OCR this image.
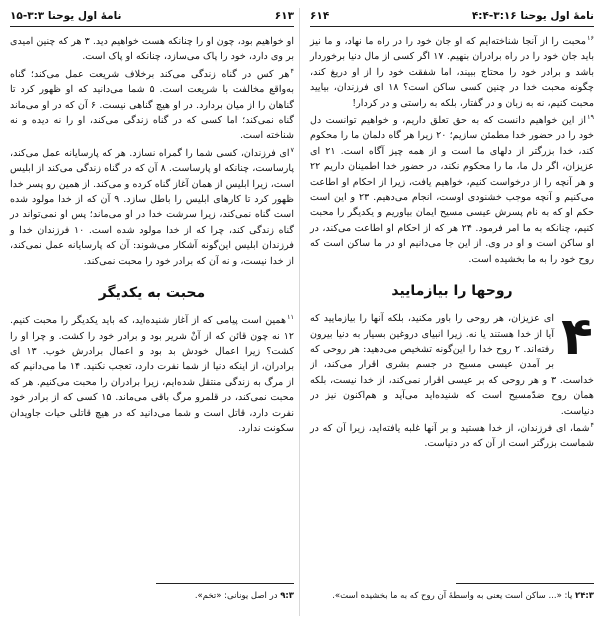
نامهٔ اول یوحنا ۳:۱۶-۴:۴
۶۱۴

$^{۱۶}$محبت را از آنجا شناخته‌ایم که او جان خود را در راه ما نهاد، و ما نیز باید جان خود را در راه برادران بنهیم. ۱۷ اگر کسی از مال دنیا برخوردار باشد و برادر خود را محتاج ببیند، اما شفقت خود را از او دریغ کند، چگونه محبت خدا در چنین کسی ساکن است؟ ۱۸ ای فرزندان، بیایید محبت کنیم، نه به زبان و در گفتار، بلکه به راستی و در کردار!

$^{۱۹}$از این خواهیم دانست که به حق تعلق داریم، و خواهیم توانست دل خود را در حضور خدا مطمئن سازیم؛ ۲۰ زیرا هر گاه دلمان ما را محکوم کند، خدا بزرگتر از دلهای ما است و از همه چیز آگاه است. ۲۱ ای عزیزان، اگر دل ما، ما را محکوم نکند، در حضور خدا اطمینان داریم ۲۲ و هر آنچه را از درخواست کنیم، خواهیم یافت، زیرا از احکام او اطاعت می‌کنیم و آنچه موجب خشنودی اوست، انجام می‌دهیم. ۲۳ و این است حکم او که به نام پسرش عیسی مسیح ایمان بیاوریم و یکدیگر را محبت کنیم، چنانکه به ما امر فرمود. ۲۴ هر که از احکام او اطاعت می‌کند، در او ساکن است و او در وی. از این جا می‌دانیم او در ما ساکن است که روح خود را به ما بخشیده است.

روحها را بیازمایید
۴

ای عزیزان، هر روحی را باور مکنید، بلکه آنها را بیازمایید که آیا از خدا هستند یا نه. زیرا انبیای دروغین بسیار به دنیا بیرون رفته‌اند. ۲ روح خدا را این‌گونه تشخیص می‌دهید: هر روحی که بر آمدن عیسی مسیح در جسم بشری اقرار می‌کند، از خداست. ۳ و هر روحی که بر عیسی اقرار نمی‌کند، از خدا نیست، بلکه همان روح ضدّمسیح است که شنیده‌اید می‌آید و هم‌اکنون نیز در دنیاست.

$^۴$شما، ای فرزندان، از خدا هستید و بر آنها غلبه یافته‌اید، زیرا آن که در شماست بزرگتر است از آن که در دنیاست.

۲۴:۳ یا: «... ساکن است یعنی به واسطهٔ آن روح که به ما بخشیده است».
۶۱۳
نامهٔ اول یوحنا ۳:۳-۱۵

او خواهیم بود، چون او را چنانکه هست خواهیم دید. ۳ هر که چنین امیدی بر وی دارد، خود را پاک می‌سازد، چنانکه او پاک است.

$^۴$هر کس در گناه زندگی می‌کند برخلاف شریعت عمل می‌کند؛ گناه به‌واقع مخالفت با شریعت است. ۵ شما می‌دانید که او ظهور کرد تا گناهان را از میان بردارد. در او هیچ گناهی نیست. ۶ آن که در او می‌ماند گناه نمی‌کند؛ اما کسی که در گناه زندگی می‌کند، او را نه دیده و نه شناخته است.

$^۷$ای فرزندان، کسی شما را گمراه نسازد. هر که پارسایانه عمل می‌کند، پارساست، چنانکه او پارساست. ۸ آن که در گناه زندگی می‌کند از ابلیس است، زیرا ابلیس از همان آغاز گناه کرده و می‌کند. از همین رو پسر خدا ظهور کرد تا کارهای ابلیس را باطل سازد. ۹ آن که از خدا مولود شده است گناه نمی‌کند، زیرا سرشت خدا در او می‌ماند؛ پس او نمی‌تواند در گناه زندگی کند، چرا که از خدا مولود شده است. ۱۰ فرزندان خدا و فرزندان ابلیس این‌گونه آشکار می‌شوند: آن که پارسایانه عمل نمی‌کند، از خدا نیست، و نه آن که برادر خود را محبت نمی‌کند.

محبت به یکدیگر

$^{۱۱}$همین است پیامی که از آغاز شنیده‌اید، که باید یکدیگر را محبت کنیم. ۱۲ نه چون قائن که از آنْ شریر بود و برادر خود را کشت. و چرا او را کشت؟ زیرا اعمال خودش بد بود و اعمال برادرش خوب. ۱۳ ای برادران، از اینکه دنیا از شما نفرت دارد، تعجب نکنید. ۱۴ ما می‌دانیم که از مرگ به زندگی منتقل شده‌ایم، زیرا برادران را محبت می‌کنیم. هر که محبت نمی‌کند، در قلمرو مرگ باقی می‌ماند. ۱۵ کسی که از برادر خود نفرت دارد، قاتل است و شما می‌دانید که در هیچ قاتلی حیات جاویدان سکونت ندارد.

۹:۳ در اصل یونانی: «تخم».
